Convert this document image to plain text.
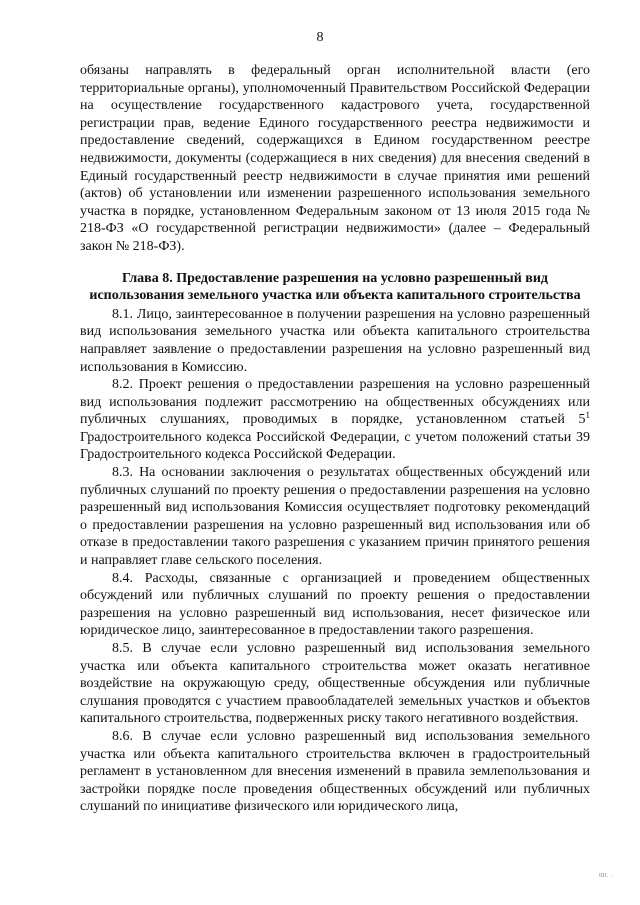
8

обязаны направлять в федеральный орган исполнительной власти (его территориальные органы), уполномоченный Правительством Российской Федерации на осуществление государственного кадастрового учета, государственной регистрации прав, ведение Единого государственного реестра недвижимости и предоставление сведений, содержащихся в Едином государственном реестре недвижимости, документы (содержащиеся в них сведения) для внесения сведений в Единый государственный реестр недвижимости в случае принятия ими решений (актов) об установлении или изменении разрешенного использования земельного участка в порядке, установленном Федеральным законом от 13 июля 2015 года № 218-ФЗ «О государственной регистрации недвижимости» (далее – Федеральный закон № 218-ФЗ).

Глава 8. Предоставление разрешения на условно разрешенный вид использования земельного участка или объекта капитального строительства

8.1. Лицо, заинтересованное в получении разрешения на условно разрешенный вид использования земельного участка или объекта капитального строительства направляет заявление о предоставлении разрешения на условно разрешенный вид использования в Комиссию.

8.2. Проект решения о предоставлении разрешения на условно разрешенный вид использования подлежит рассмотрению на общественных обсуждениях или публичных слушаниях, проводимых в порядке, установленном статьей $5^1$ Градостроительного кодекса Российской Федерации, с учетом положений статьи 39 Градостроительного кодекса Российской Федерации.

8.3. На основании заключения о результатах общественных обсуждений или публичных слушаний по проекту решения о предоставлении разрешения на условно разрешенный вид использования Комиссия осуществляет подготовку рекомендаций о предоставлении разрешения на условно разрешенный вид использования или об отказе в предоставлении такого разрешения с указанием причин принятого решения и направляет главе сельского поселения.

8.4. Расходы, связанные с организацией и проведением общественных обсуждений или публичных слушаний по проекту решения о предоставлении разрешения на условно разрешенный вид использования, несет физическое или юридическое лицо, заинтересованное в предоставлении такого разрешения.

8.5. В случае если условно разрешенный вид использования земельного участка или объекта капитального строительства может оказать негативное воздействие на окружающую среду, общественные обсуждения или публичные слушания проводятся с участием правообладателей земельных участков и объектов капитального строительства, подверженных риску такого негативного воздействия.

8.6. В случае если условно разрешенный вид использования земельного участка или объекта капитального строительства включен в градостроительный регламент в установленном для внесения изменений в правила землепользования и застройки порядке после проведения общественных обсуждений или публичных слушаний по инициативе физического или юридического лица,

ιαι. .
